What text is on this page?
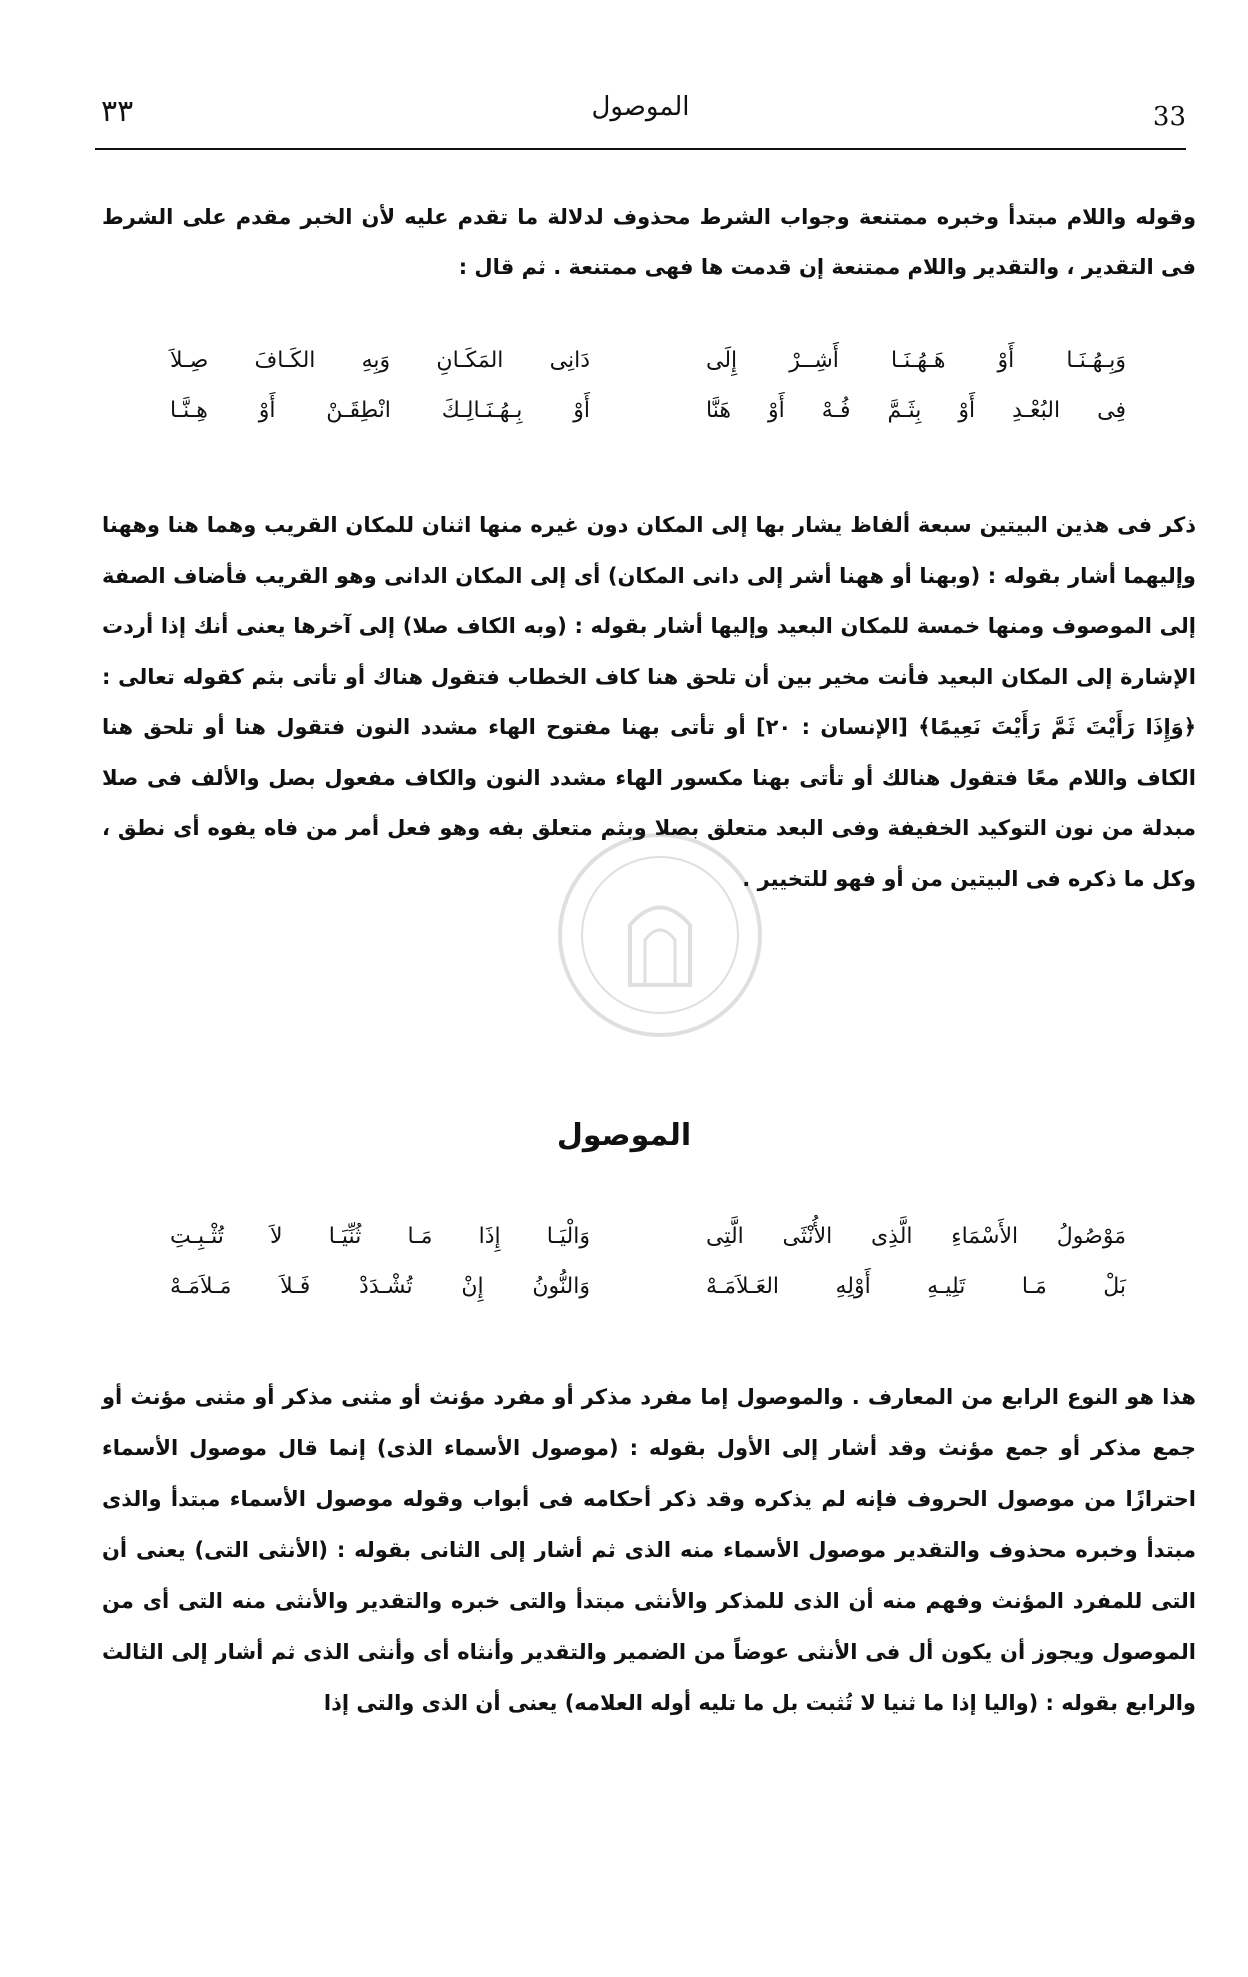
33
الموصول
٣٣

وقوله واللام مبتدأ وخبره ممتنعة وجواب الشرط محذوف لدلالة ما تقدم عليه لأن الخبر مقدم على الشرط فى التقدير ، والتقدير واللام ممتنعة إن قدمت ها فهى ممتنعة . ثم قال :

وَبِـهُـنَـا أَوْ هَـهُـنَـا أَشِــرْ إِلَى
دَانِى المَكَـانِ وَبِهِ الكَـافَ صِـلاَ
فِى البُعْـدِ أَوْ بِثَـمَّ فُـهْ أَوْ هَنَّا
أَوْ بِـهُـنَـالِـكَ انْطِقَـنْ أَوْ هِـنَّـا

ذكر فى هذين البيتين سبعة ألفاظ يشار بها إلى المكان دون غيره منها اثنان للمكان القريب وهما هنا وههنا وإليهما أشار بقوله : (وبهنا أو ههنا أشر إلى دانى المكان) أى إلى المكان الدانى وهو القريب فأضاف الصفة إلى الموصوف ومنها خمسة للمكان البعيد وإليها أشار بقوله : (وبه الكاف صلا) إلى آخرها يعنى أنك إذا أردت الإشارة إلى المكان البعيد فأنت مخير بين أن تلحق هنا كاف الخطاب فتقول هناك أو تأتى بثم كقوله تعالى : ﴿وَإِذَا رَأَيْتَ ثَمَّ رَأَيْتَ نَعِيمًا﴾ [الإنسان : ٢٠] أو تأتى بهنا مفتوح الهاء مشدد النون فتقول هنا أو تلحق هنا الكاف واللام معًا فتقول هنالك أو تأتى بهنا مكسور الهاء مشدد النون والكاف مفعول بصل والألف فى صلا مبدلة من نون التوكيد الخفيفة وفى البعد متعلق بصلا وبثم متعلق بفه وهو فعل أمر من فاه يفوه أى نطق ، وكل ما ذكره فى البيتين من أو فهو للتخيير .

الموصول
مَوْصُولُ الأَسْمَاءِ الَّذِى الأُنْثَى الَّتِى
وَالْيَـا إِذَا مَـا ثُنِّيَـا لاَ تُثْـبِـتِ
بَلْ مَـا تَلِيـهِ أَوْلِهِ العَـلاَمَـهْ
وَالنُّونُ إِنْ تُشْـدَدْ فَـلاَ مَـلاَمَـهْ

هذا هو النوع الرابع من المعارف . والموصول إما مفرد مذكر أو مفرد مؤنث أو مثنى مذكر أو مثنى مؤنث أو جمع مذكر أو جمع مؤنث وقد أشار إلى الأول بقوله : (موصول الأسماء الذى) إنما قال موصول الأسماء احترازًا من موصول الحروف فإنه لم يذكره وقد ذكر أحكامه فى أبواب وقوله موصول الأسماء مبتدأ والذى مبتدأ وخبره محذوف والتقدير موصول الأسماء منه الذى ثم أشار إلى الثانى بقوله : (الأنثى التى) يعنى أن التى للمفرد المؤنث وفهم منه أن الذى للمذكر والأنثى مبتدأ والتى خبره والتقدير والأنثى منه التى أى من الموصول ويجوز أن يكون أل فى الأنثى عوضاً من الضمير والتقدير وأنثاه أى وأنثى الذى ثم أشار إلى الثالث والرابع بقوله : (واليا إذا ما ثنيا لا تُثبت بل ما تليه أوله العلامه) يعنى أن الذى والتى إذا
